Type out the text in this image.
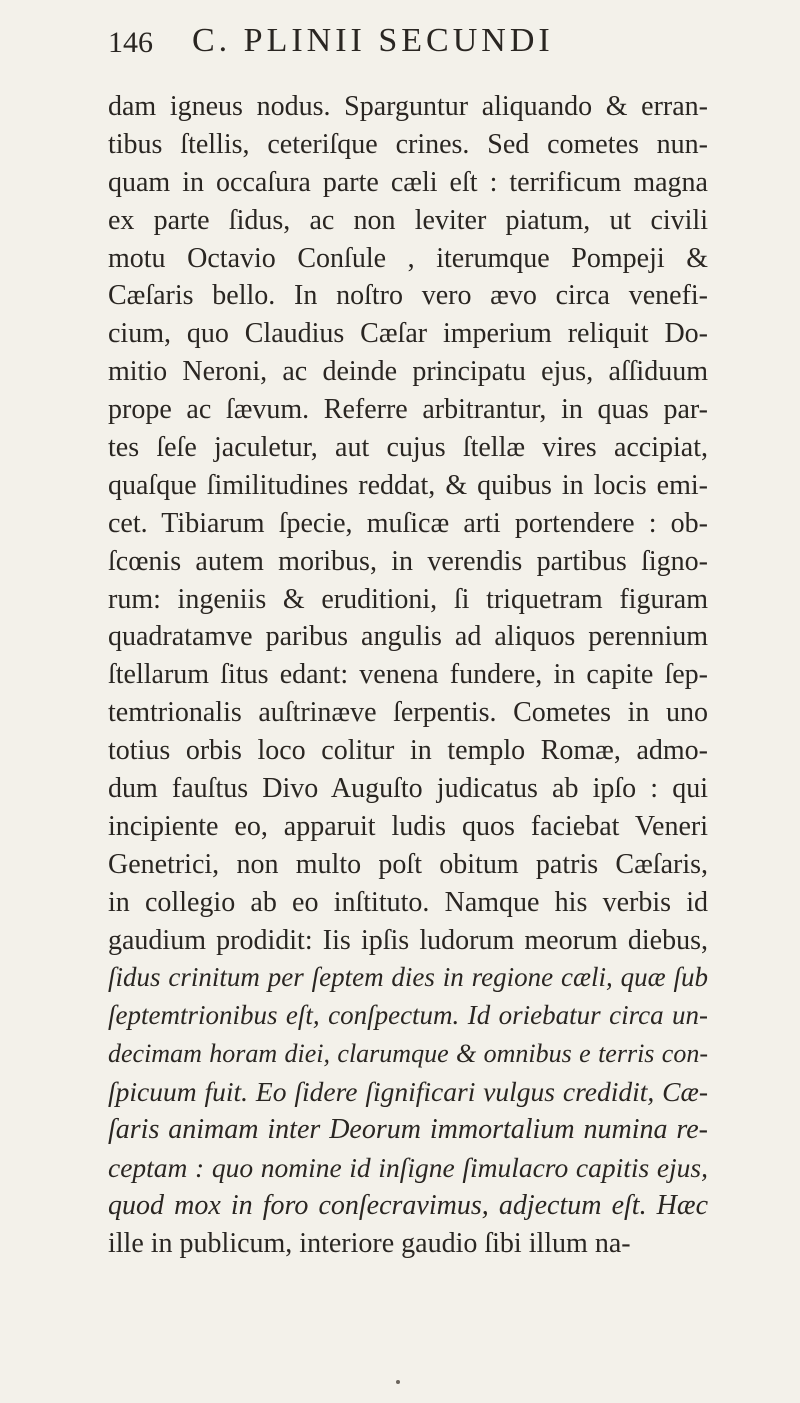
146 C. PLINII SECUNDI
dam igneus nodus. Sparguntur aliquando & erran-
tibus ſtellis, ceteriſque crines. Sed cometes nun-
quam in occaſura parte cæli eſt : terrificum magna
ex parte ſidus, ac non leviter piatum, ut civili
motu Octavio Conſule , iterumque Pompeji &
Cæſaris bello. In noſtro vero ævo circa venefi-
cium, quo Claudius Cæſar imperium reliquit Do-
mitio Neroni, ac deinde principatu ejus, aſſiduum
prope ac ſævum. Referre arbitrantur, in quas par-
tes ſeſe jaculetur, aut cujus ſtellæ vires accipiat,
quaſque ſimilitudines reddat, & quibus in locis emi-
cet. Tibiarum ſpecie, muſicæ arti portendere : ob-
ſcœnis autem moribus, in verendis partibus ſigno-
rum: ingeniis & eruditioni, ſi triquetram figuram
quadratamve paribus angulis ad aliquos perennium
ſtellarum ſitus edant: venena fundere, in capite ſep-
temtrionalis auſtrinæve ſerpentis. Cometes in uno
totius orbis loco colitur in templo Romæ, admo-
dum fauſtus Divo Auguſto judicatus ab ipſo : qui
incipiente eo, apparuit ludis quos faciebat Veneri
Genetrici, non multo poſt obitum patris Cæſaris,
in collegio ab eo inſtituto. Namque his verbis id
gaudium prodidit: Iis ipſis ludorum meorum diebus,
ſidus crinitum per ſeptem dies in regione cæli, quæ ſub
ſeptemtrionibus eſt, conſpectum. Id oriebatur circa un-
decimam horam diei, clarumque & omnibus e terris con-
ſpicuum fuit. Eo ſidere ſignificari vulgus credidit, Cæ-
ſaris animam inter Deorum immortalium numina re-
ceptam : quo nomine id inſigne ſimulacro capitis ejus,
quod mox in foro conſecravimus, adjectum eſt. Hæc
ille in publicum, interiore gaudio ſibi illum na-
